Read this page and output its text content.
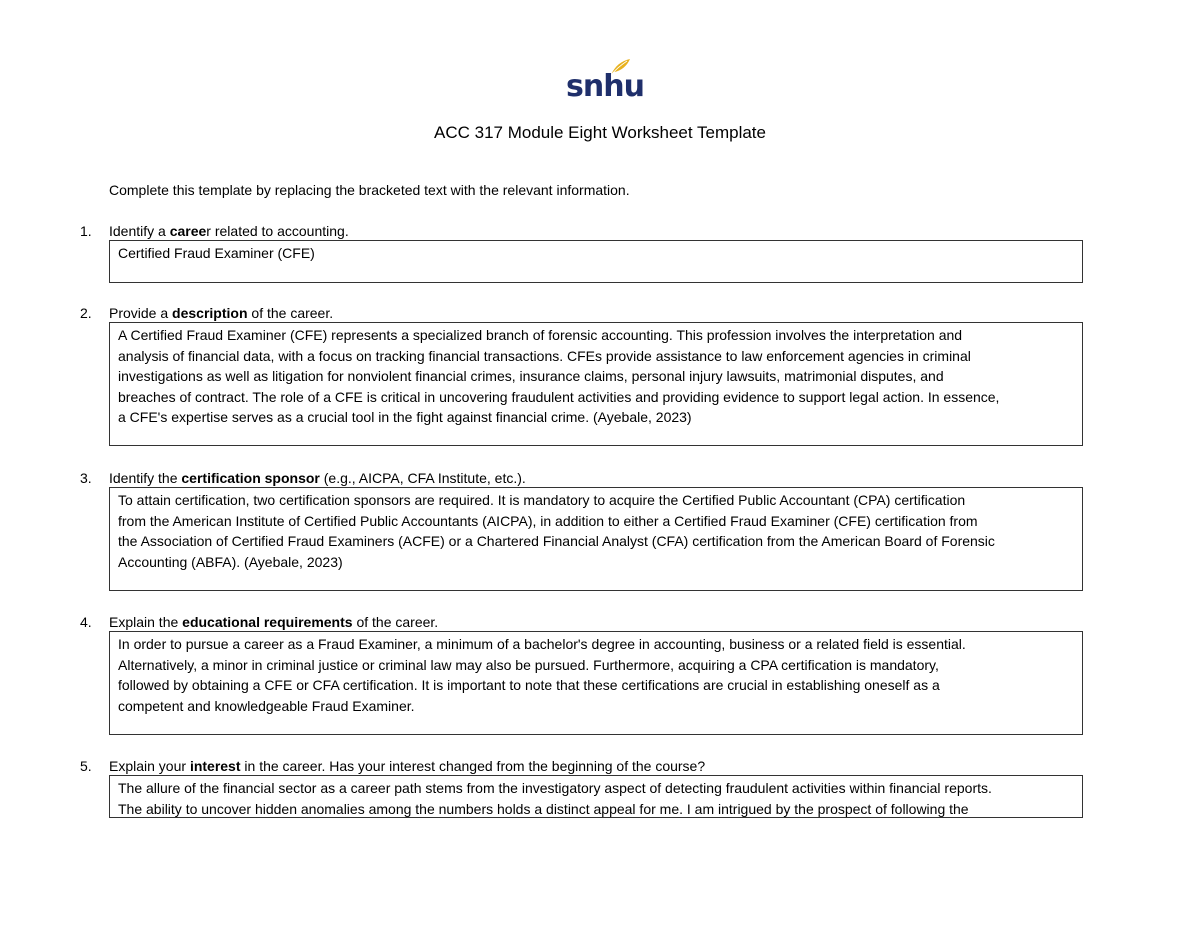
snhu
ACC 317 Module Eight Worksheet Template
Complete this template by replacing the bracketed text with the relevant information.
1. Identify a career related to accounting.

Certified Fraud Examiner (CFE)

2. Provide a description of the career.

A Certified Fraud Examiner (CFE) represents a specialized branch of forensic accounting. This profession involves the interpretation and

analysis of financial data, with a focus on tracking financial transactions. CFEs provide assistance to law enforcement agencies in criminal

investigations as well as litigation for nonviolent financial crimes, insurance claims, personal injury lawsuits, matrimonial disputes, and

breaches of contract. The role of a CFE is critical in uncovering fraudulent activities and providing evidence to support legal action. In essence,

a CFE's expertise serves as a crucial tool in the fight against financial crime. (Ayebale, 2023)

3. Identify the certification sponsor (e.g., AICPA, CFA Institute, etc.).

To attain certification, two certification sponsors are required. It is mandatory to acquire the Certified Public Accountant (CPA) certification

from the American Institute of Certified Public Accountants (AICPA), in addition to either a Certified Fraud Examiner (CFE) certification from

the Association of Certified Fraud Examiners (ACFE) or a Chartered Financial Analyst (CFA) certification from the American Board of Forensic

Accounting (ABFA). (Ayebale, 2023)

4. Explain the educational requirements of the career.

In order to pursue a career as a Fraud Examiner, a minimum of a bachelor's degree in accounting, business or a related field is essential.

Alternatively, a minor in criminal justice or criminal law may also be pursued. Furthermore, acquiring a CPA certification is mandatory,

followed by obtaining a CFE or CFA certification. It is important to note that these certifications are crucial in establishing oneself as a

competent and knowledgeable Fraud Examiner.

5. Explain your interest in the career. Has your interest changed from the beginning of the course?

The allure of the financial sector as a career path stems from the investigatory aspect of detecting fraudulent activities within financial reports.

The ability to uncover hidden anomalies among the numbers holds a distinct appeal for me. I am intrigued by the prospect of following the
